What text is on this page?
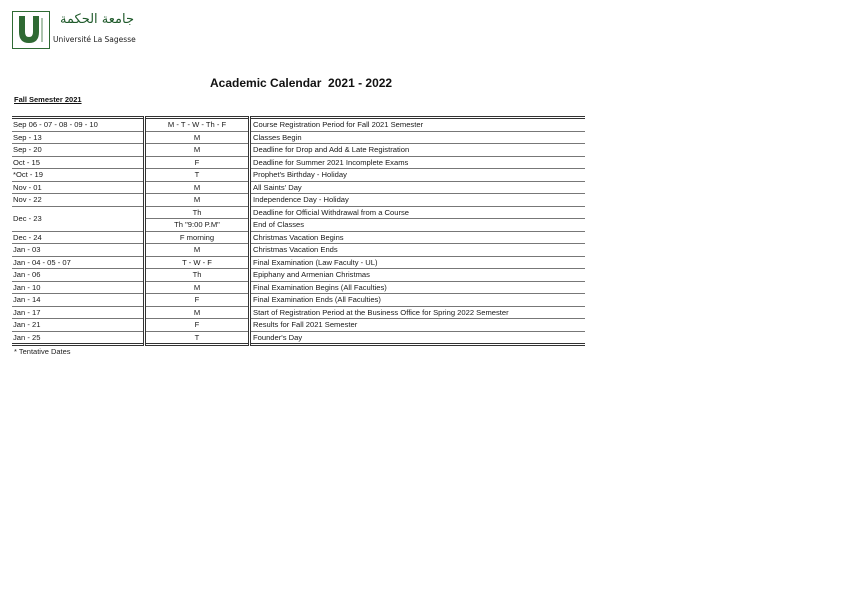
جامعة الحكمة
Université La Sagesse
Academic Calendar  2021 - 2022
Fall Semester 2021
Sep 06 - 07 - 08 - 09 - 10	M - T - W - Th - F	Course Registration Period for Fall 2021 Semester
Sep - 13	M	Classes Begin
Sep - 20	M	Deadline for Drop and Add & Late Registration
Oct - 15	F	Deadline for Summer 2021 Incomplete Exams
*Oct - 19	T	Prophet's Birthday - Holiday
Nov - 01	M	All Saints' Day
Nov - 22	M	Independence Day - Holiday
Dec - 23	Th	Deadline for Official Withdrawal from a Course
	Th "9:00 P.M"	End of Classes
Dec - 24	F morning	Christmas Vacation Begins
Jan - 03	M	Christmas Vacation Ends
Jan - 04 - 05 - 07	T - W - F	Final Examination (Law Faculty - UL)
Jan - 06	Th	Epiphany and Armenian Christmas
Jan - 10	M	Final Examination Begins (All Faculties)
Jan - 14	F	Final Examination Ends (All Faculties)
Jan - 17	M	Start of Registration Period at the Business Office for Spring 2022 Semester
Jan - 21	F	Results for Fall 2021 Semester
Jan - 25	T	Founder's Day
* Tentative Dates
